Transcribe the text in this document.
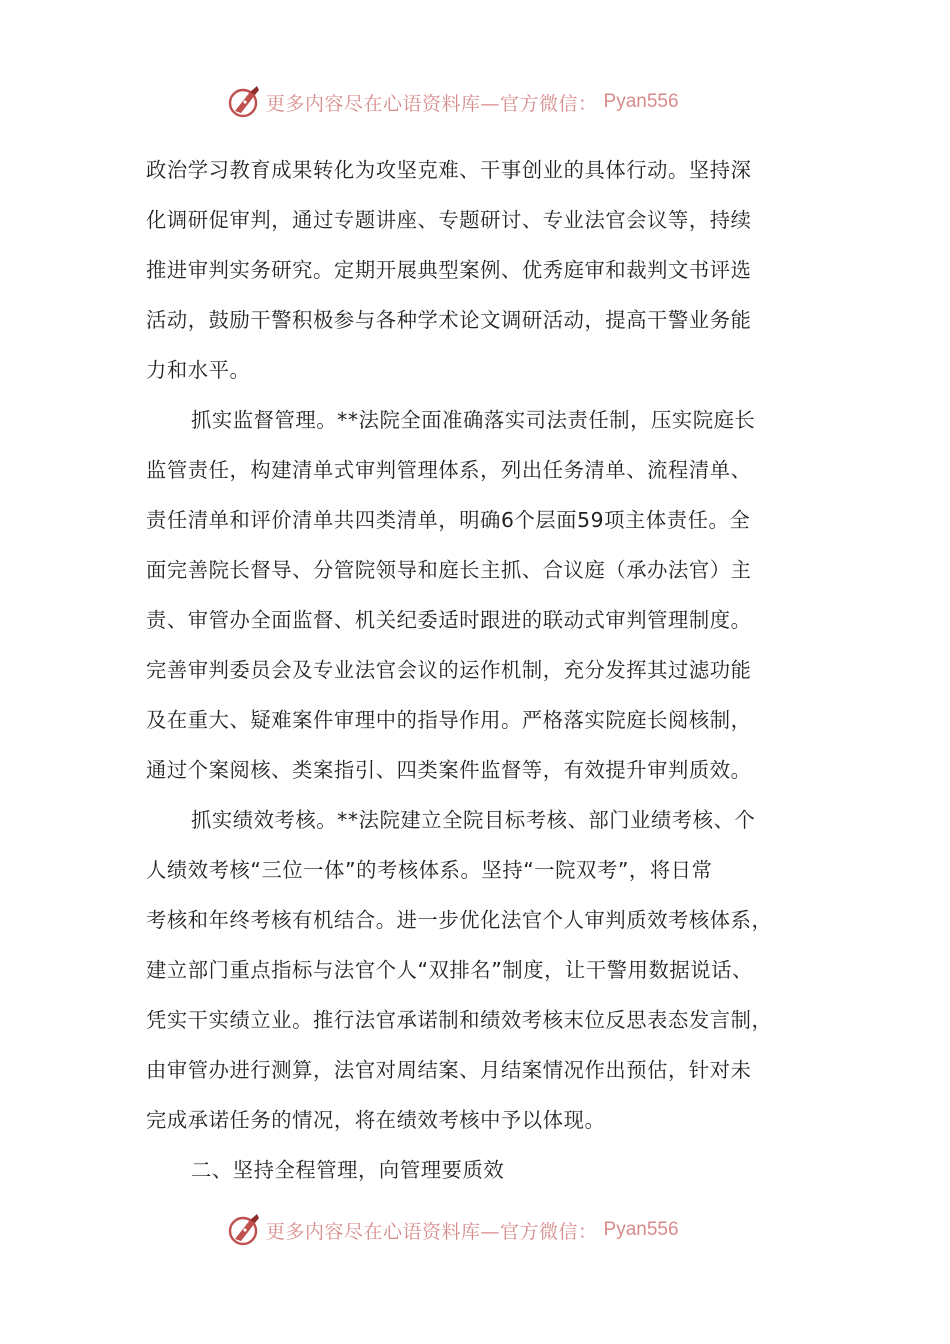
更多内容尽在心语资料库—官方微信： Pyan556
政治学习教育成果转化为攻坚克难、干事创业的具体行动。坚持深
化调研促审判，通过专题讲座、专题研讨、专业法官会议等，持续
推进审判实务研究。定期开展典型案例、优秀庭审和裁判文书评选
活动，鼓励干警积极参与各种学术论文调研活动，提高干警业务能
力和水平。
抓实监督管理。**法院全面准确落实司法责任制，压实院庭长
监管责任，构建清单式审判管理体系，列出任务清单、流程清单、
责任清单和评价清单共四类清单，明确6个层面59项主体责任。全
面完善院长督导、分管院领导和庭长主抓、合议庭（承办法官）主
责、审管办全面监督、机关纪委适时跟进的联动式审判管理制度。
完善审判委员会及专业法官会议的运作机制，充分发挥其过滤功能
及在重大、疑难案件审理中的指导作用。严格落实院庭长阅核制，
通过个案阅核、类案指引、四类案件监督等，有效提升审判质效。
抓实绩效考核。**法院建立全院目标考核、部门业绩考核、个
人绩效考核“三位一体”的考核体系。坚持“一院双考”，将日常
考核和年终考核有机结合。进一步优化法官个人审判质效考核体系，
建立部门重点指标与法官个人“双排名”制度，让干警用数据说话、
凭实干实绩立业。推行法官承诺制和绩效考核末位反思表态发言制，
由审管办进行测算，法官对周结案、月结案情况作出预估，针对未
完成承诺任务的情况，将在绩效考核中予以体现。
二、坚持全程管理，向管理要质效
更多内容尽在心语资料库—官方微信： Pyan556
